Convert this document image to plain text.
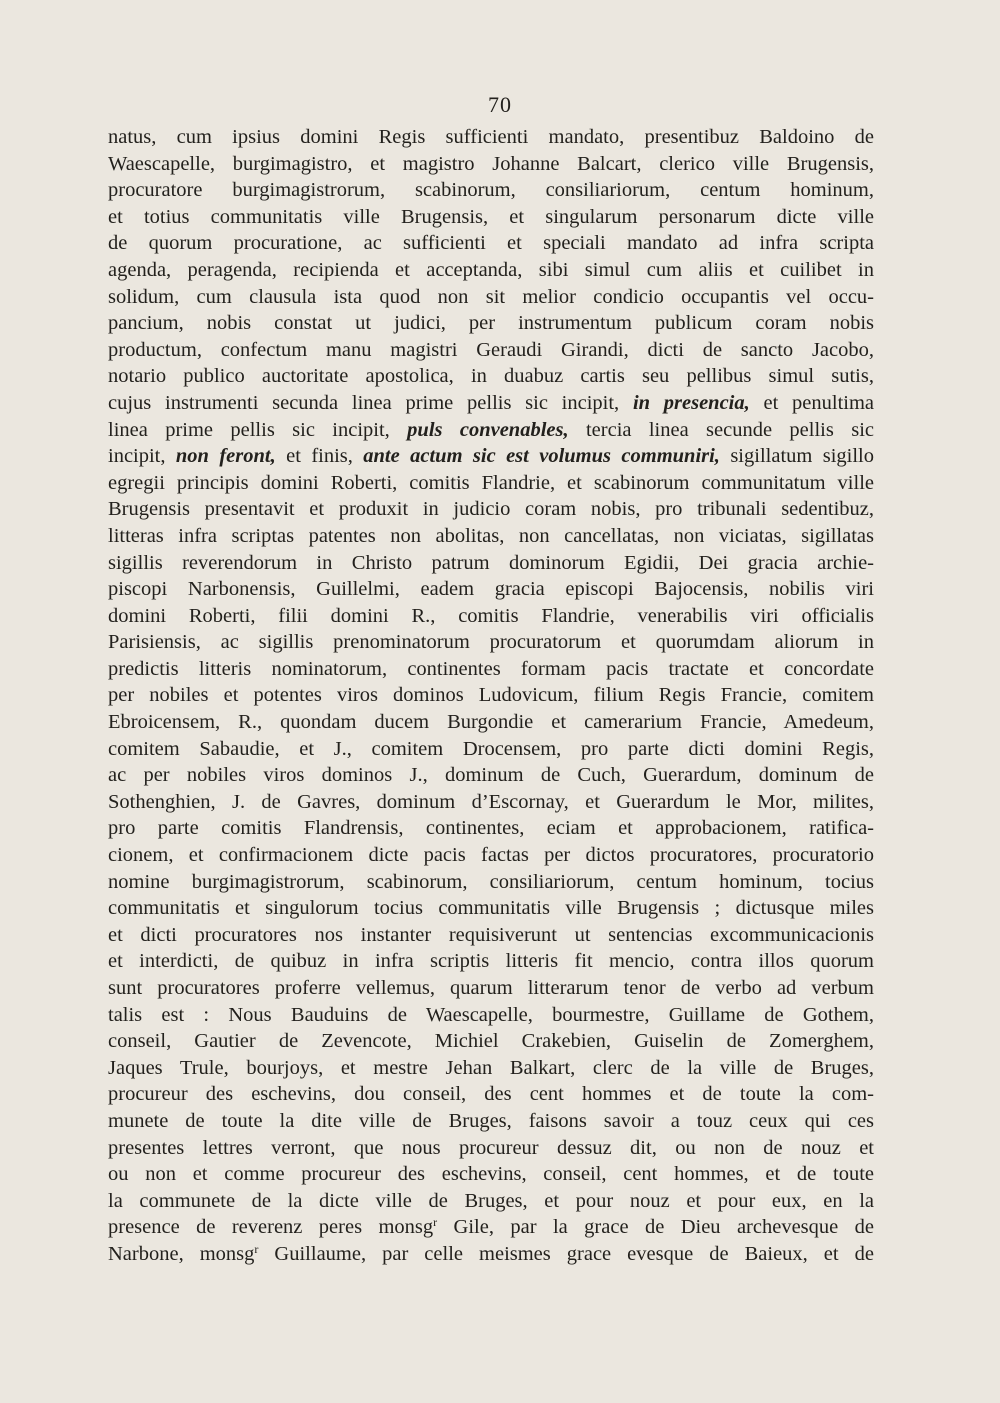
70
natus, cum ipsius domini Regis sufficienti mandato, presentibuz Baldoino de
Waescapelle, burgimagistro, et magistro Johanne Balcart, clerico ville Brugensis,
procuratore burgimagistrorum, scabinorum, consiliariorum, centum hominum,
et totius communitatis ville Brugensis, et singularum personarum dicte ville
de quorum procuratione, ac sufficienti et speciali mandato ad infra scripta
agenda, peragenda, recipienda et acceptanda, sibi simul cum aliis et cuilibet in
solidum, cum clausula ista quod non sit melior condicio occupantis vel occu-
pancium, nobis constat ut judici, per instrumentum publicum coram nobis
productum, confectum manu magistri Geraudi Girandi, dicti de sancto Jacobo,
notario publico auctoritate apostolica, in duabuz cartis seu pellibus simul sutis,
cujus instrumenti secunda linea prime pellis sic incipit, in presencia, et penultima
linea prime pellis sic incipit, puls convenables, tercia linea secunde pellis sic
incipit, non feront, et finis, ante actum sic est volumus communiri, sigillatum sigillo
egregii principis domini Roberti, comitis Flandrie, et scabinorum communitatum ville
Brugensis presentavit et produxit in judicio coram nobis, pro tribunali sedentibuz,
litteras infra scriptas patentes non abolitas, non cancellatas, non viciatas, sigillatas
sigillis reverendorum in Christo patrum dominorum Egidii, Dei gracia archie-
piscopi Narbonensis, Guillelmi, eadem gracia episcopi Bajocensis, nobilis viri
domini Roberti, filii domini R., comitis Flandrie, venerabilis viri officialis
Parisiensis, ac sigillis prenominatorum procuratorum et quorumdam aliorum in
predictis litteris nominatorum, continentes formam pacis tractate et concordate
per nobiles et potentes viros dominos Ludovicum, filium Regis Francie, comitem
Ebroicensem, R., quondam ducem Burgondie et camerarium Francie, Amedeum,
comitem Sabaudie, et J., comitem Drocensem, pro parte dicti domini Regis,
ac per nobiles viros dominos J., dominum de Cuch, Guerardum, dominum de
Sothenghien, J. de Gavres, dominum d’Escornay, et Guerardum le Mor, milites,
pro parte comitis Flandrensis, continentes, eciam et approbacionem, ratifica-
cionem, et confirmacionem dicte pacis factas per dictos procuratores, procuratorio
nomine burgimagistrorum, scabinorum, consiliariorum, centum hominum, tocius
communitatis et singulorum tocius communitatis ville Brugensis ; dictusque miles
et dicti procuratores nos instanter requisiverunt ut sentencias excommunicacionis
et interdicti, de quibuz in infra scriptis litteris fit mencio, contra illos quorum
sunt procuratores proferre vellemus, quarum litterarum tenor de verbo ad verbum
talis est : Nous Bauduins de Waescapelle, bourmestre, Guillame de Gothem,
conseil, Gautier de Zevencote, Michiel Crakebien, Guiselin de Zomerghem,
Jaques Trule, bourjoys, et mestre Jehan Balkart, clerc de la ville de Bruges,
procureur des eschevins, dou conseil, des cent hommes et de toute la com-
munete de toute la dite ville de Bruges, faisons savoir a touz ceux qui ces
presentes lettres verront, que nous procureur dessuz dit, ou non de nouz et
ou non et comme procureur des eschevins, conseil, cent hommes, et de toute
la communete de la dicte ville de Bruges, et pour nouz et pour eux, en la
presence de reverenz peres monsg$^r$ Gile, par la grace de Dieu archevesque de
Narbone, monsg$^r$ Guillaume, par celle meismes grace evesque de Baieux, et de
